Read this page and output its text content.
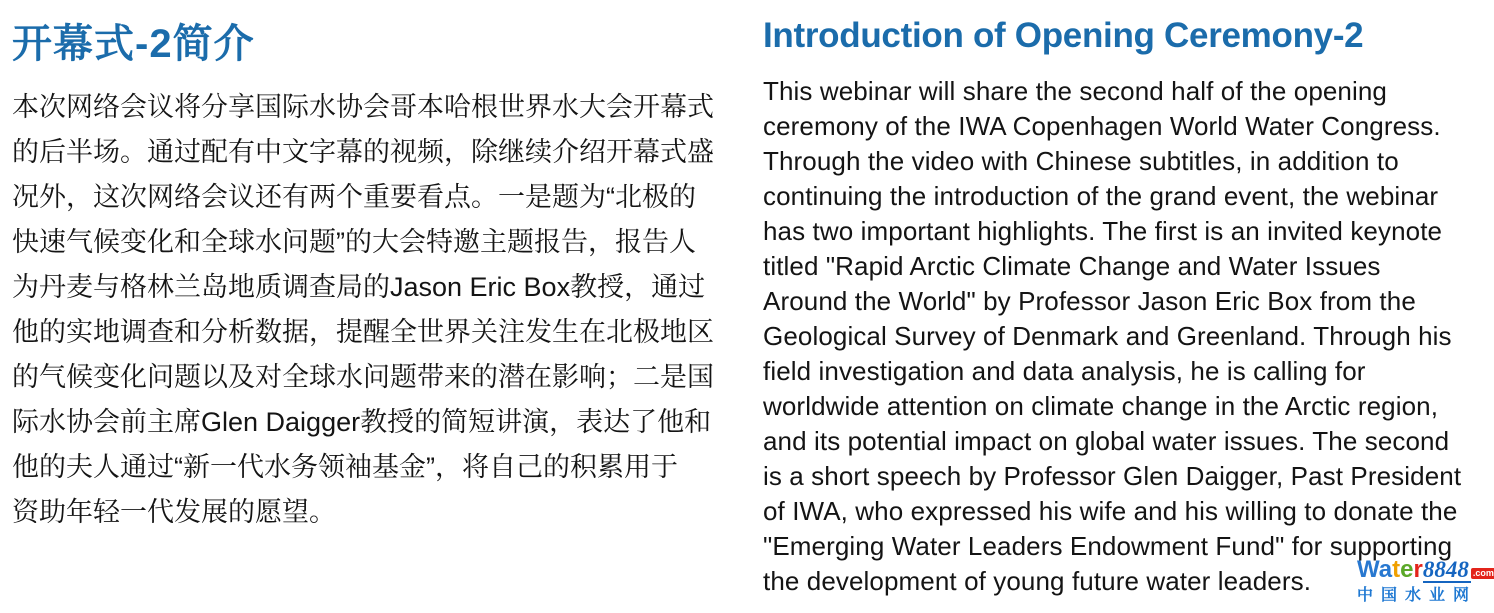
开幕式-2简介
本次网络会议将分享国际水协会哥本哈根世界水大会开幕式
的后半场。通过配有中文字幕的视频，除继续介绍开幕式盛
况外，这次网络会议还有两个重要看点。一是题为“北极的
快速气候变化和全球水问题”的大会特邀主题报告，报告人
为丹麦与格林兰岛地质调查局的Jason Eric Box教授，通过
他的实地调查和分析数据，提醒全世界关注发生在北极地区
的气候变化问题以及对全球水问题带来的潜在影响；二是国
际水协会前主席Glen Daigger教授的简短讲演，表达了他和
他的夫人通过“新一代水务领袖基金”，将自己的积累用于
资助年轻一代发展的愿望。
Introduction of Opening Ceremony-2
This webinar will share the second half of the opening
ceremony of the IWA Copenhagen World Water Congress.
Through the video with Chinese subtitles, in addition to
continuing the introduction of the grand event, the webinar
has two important highlights. The first is an invited keynote
titled "Rapid Arctic Climate Change and Water Issues
Around the World" by Professor Jason Eric Box from the
Geological Survey of Denmark and Greenland. Through his
field investigation and data analysis, he is calling for
worldwide attention on climate change in the Arctic region,
and its potential impact on global water issues. The second
is a short speech by Professor Glen Daigger, Past President
of IWA, who expressed his wife and his willing to donate the
"Emerging Water Leaders Endowment Fund" for supporting
the development of young future water leaders.	Water8848 .com
中国水业网
